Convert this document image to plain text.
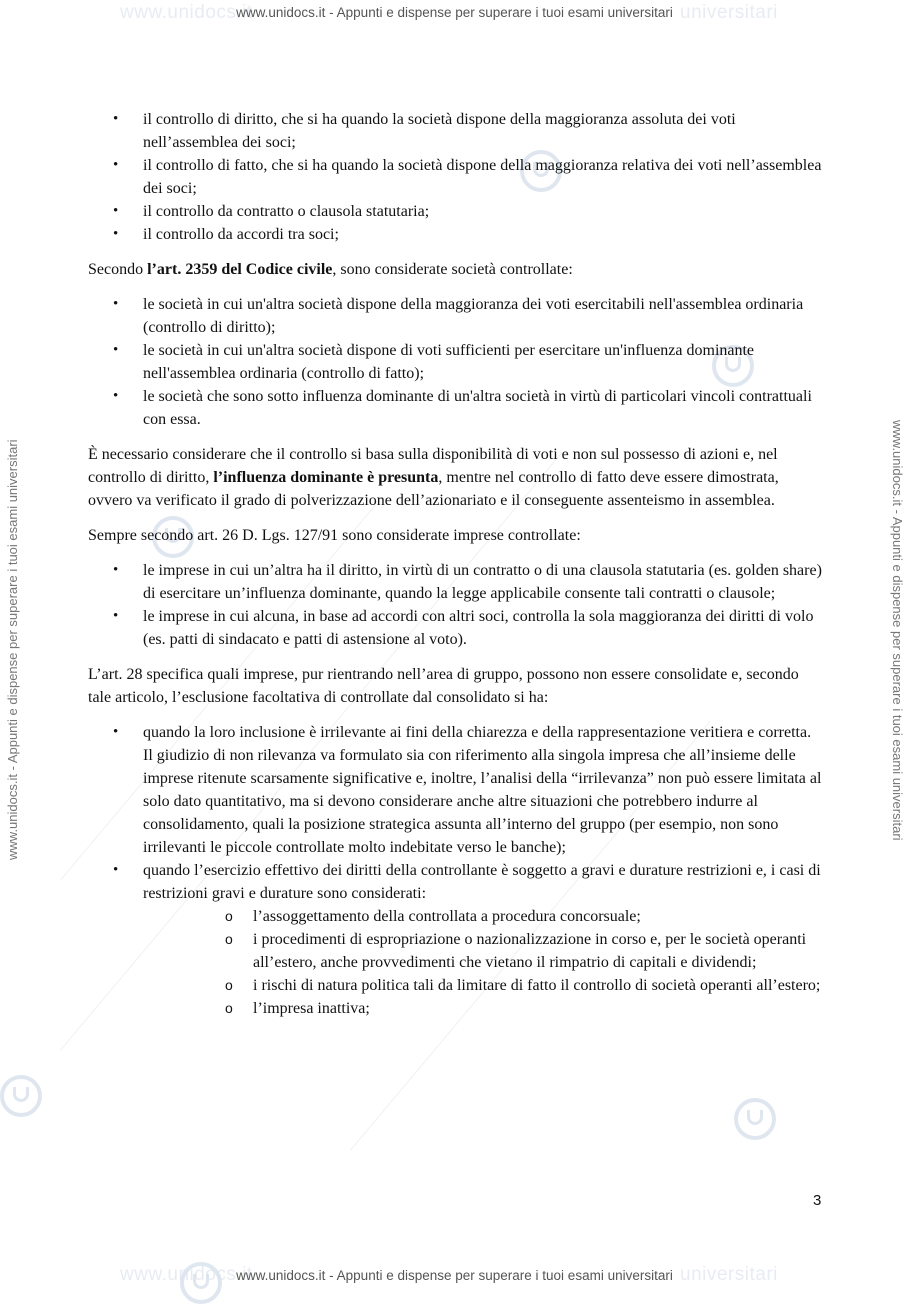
www.unidocs.it	universitari
www.unidocs.it	universitari
www.unidocs.it - Appunti e dispense per superare i tuoi esami universitari
www.unidocs.it - Appunti e dispense per superare i tuoi esami universitari
www.unidocs.it - Appunti e dispense per superare i tuoi esami universitari	www.unidocs.it - Appunti e dispense per superare i tuoi esami universitari
• il controllo di diritto, che si ha quando la società dispone della maggioranza assoluta dei voti nell’assemblea dei soci;
• il controllo di fatto, che si ha quando la società dispone della maggioranza relativa dei voti nell’assemblea dei soci;
• il controllo da contratto o clausola statutaria;
• il controllo da accordi tra soci;

Secondo l’art. 2359 del Codice civile, sono considerate società controllate:

• le società in cui un'altra società dispone della maggioranza dei voti esercitabili nell'assemblea ordinaria (controllo di diritto);
• le società in cui un'altra società dispone di voti sufficienti per esercitare un'influenza dominante nell'assemblea ordinaria (controllo di fatto);
• le società che sono sotto influenza dominante di un'altra società in virtù di particolari vincoli contrattuali con essa.

È necessario considerare che il controllo si basa sulla disponibilità di voti e non sul possesso di azioni e, nel controllo di diritto, l’influenza dominante è presunta, mentre nel controllo di fatto deve essere dimostrata, ovvero va verificato il grado di polverizzazione dell’azionariato e il conseguente assenteismo in assemblea.

Sempre secondo art. 26 D. Lgs. 127/91 sono considerate imprese controllate:

• le imprese in cui un’altra ha il diritto, in virtù di un contratto o di una clausola statutaria (es. golden share) di esercitare un’influenza dominante, quando la legge applicabile consente tali contratti o clausole;
• le imprese in cui alcuna, in base ad accordi con altri soci, controlla la sola maggioranza dei diritti di volo (es. patti di sindacato e patti di astensione al voto).

L’art. 28 specifica quali imprese, pur rientrando nell’area di gruppo, possono non essere consolidate e, secondo tale articolo, l’esclusione facoltativa di controllate dal consolidato si ha:

• quando la loro inclusione è irrilevante ai fini della chiarezza e della rappresentazione veritiera e corretta. Il giudizio di non rilevanza va formulato sia con riferimento alla singola impresa che all’insieme delle imprese ritenute scarsamente significative e, inoltre, l’analisi della “irrilevanza” non può essere limitata al solo dato quantitativo, ma si devono considerare anche altre situazioni che potrebbero indurre al consolidamento, quali la posizione strategica assunta all’interno del gruppo (per esempio, non sono irrilevanti le piccole controllate molto indebitate verso le banche);
• quando l’esercizio effettivo dei diritti della controllante è soggetto a gravi e durature restrizioni e, i casi di restrizioni gravi e durature sono considerati:
o l’assoggettamento della controllata a procedura concorsuale;
o i procedimenti di espropriazione o nazionalizzazione in corso e, per le società operanti all’estero, anche provvedimenti che vietano il rimpatrio di capitali e dividendi;
o i rischi di natura politica tali da limitare di fatto il controllo di società operanti all’estero;
o l’impresa inattiva;
3
